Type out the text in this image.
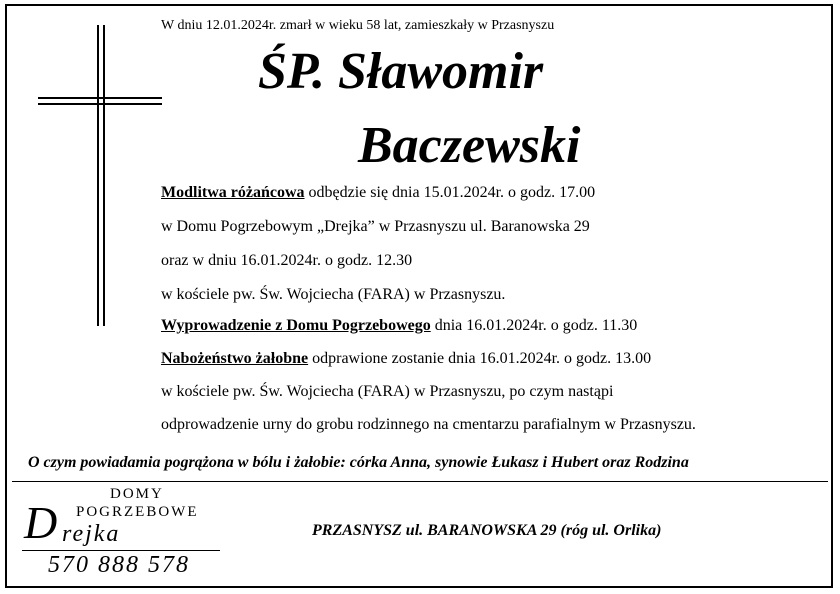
W dniu 12.01.2024r. zmarł w wieku 58 lat, zamieszkały w Przasnyszu
ŚP. Sławomir
Baczewski
Modlitwa różańcowa odbędzie się dnia 15.01.2024r. o godz. 17.00
w Domu Pogrzebowym „Drejka” w Przasnyszu ul. Baranowska 29
oraz w dniu 16.01.2024r. o godz. 12.30
w kościele pw. Św. Wojciecha (FARA) w Przasnyszu.
Wyprowadzenie z Domu Pogrzebowego dnia 16.01.2024r. o godz. 11.30
Nabożeństwo żałobne odprawione zostanie dnia 16.01.2024r. o godz. 13.00
w kościele pw. Św. Wojciecha (FARA) w Przasnyszu, po czym nastąpi
odprowadzenie urny do grobu rodzinnego na cmentarzu parafialnym w Przasnyszu.
O czym powiadamia pogrążona w bólu i żałobie: córka Anna, synowie Łukasz i Hubert oraz Rodzina
DOMY
POGRZEBOWE
D rejka
570 888 578
PRZASNYSZ ul. BARANOWSKA 29 (róg ul. Orlika)
